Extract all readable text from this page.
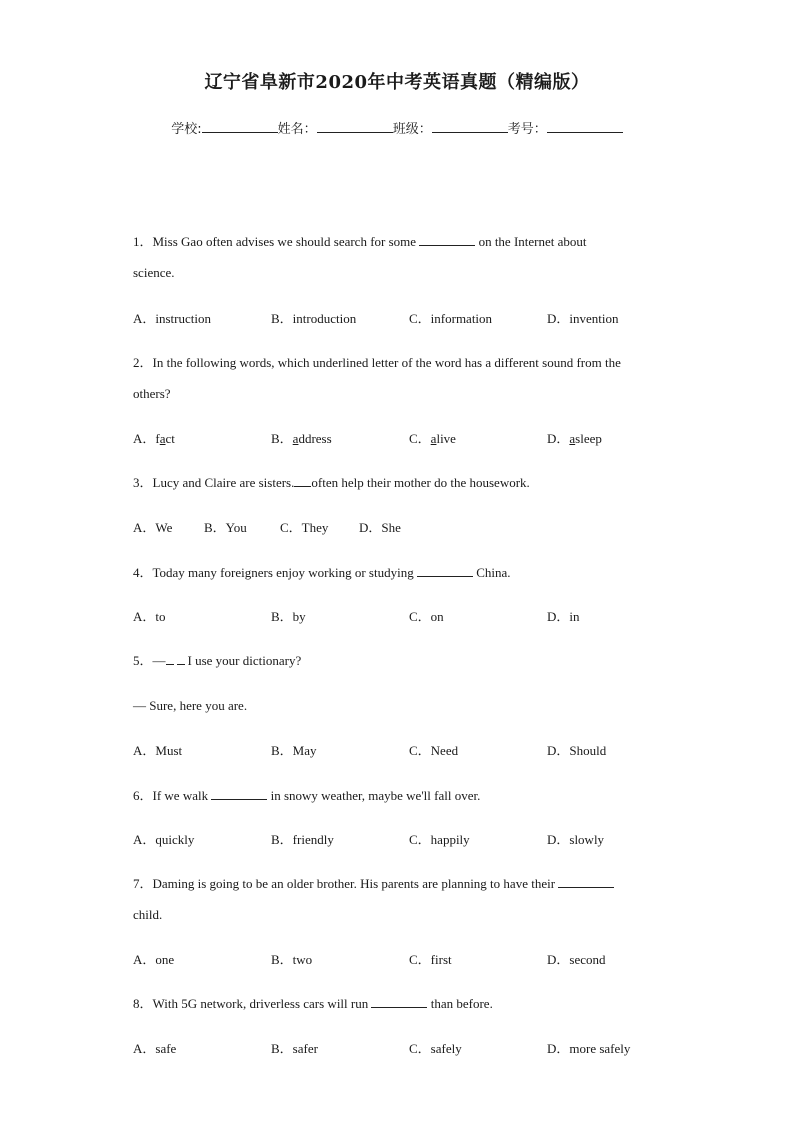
辽宁省阜新市2020年中考英语真题（精编版）
学校:	姓名：	班级：	考号：
1．Miss Gao often advises we should search for some	on the Internet about
science.
A．instruction	B．introduction	C．information	D．invention
2．In the following words, which underlined letter of the word has a different sound from the
others?
A．fact	B．address	C．alive	D．asleep
3．Lucy and Claire are sisters. often help their mother do the housework.
A．We B．You	C．They D．She
4．Today many foreigners enjoy working or studying	China.
A．to	B．by	C．on	D．in
5．— I use your dictionary?
— Sure, here you are.
A．Must	B．May	C．Need	D．Should
6．If we walk	in snowy weather, maybe we'll fall over.
A．quickly	B．friendly	C．happily	D．slowly
7．Daming is going to be an older brother. His parents are planning to have their
child.
A．one	B．two	C．first	D．second
8．With 5G network, driverless cars will run	than before.
A．safe	B．safer	C．safely	D．more safely
